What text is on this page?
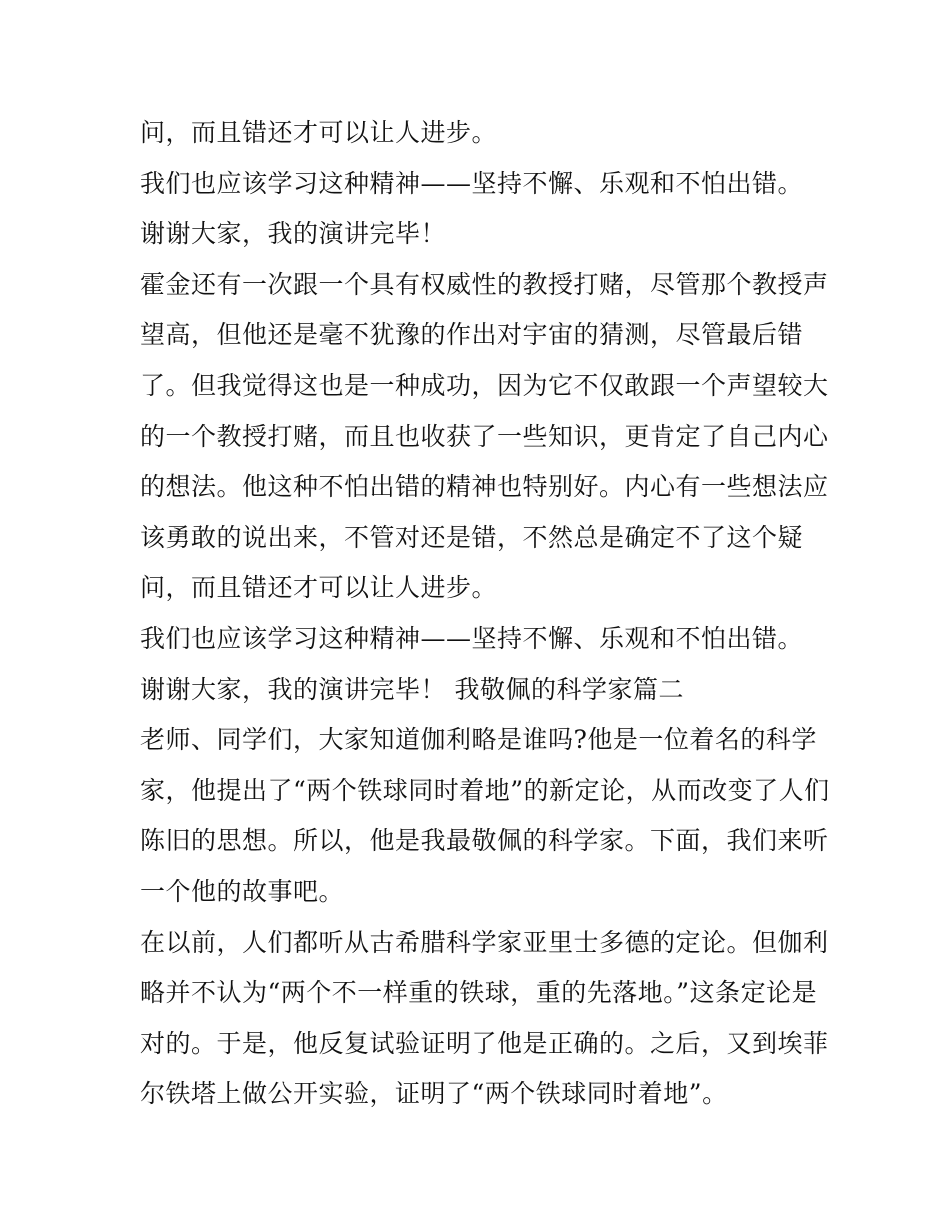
问，而且错还才可以让人进步。
我们也应该学习这种精神——坚持不懈、乐观和不怕出错。
谢谢大家，我的演讲完毕！
霍金还有一次跟一个具有权威性的教授打赌，尽管那个教授声
望高，但他还是毫不犹豫的作出对宇宙的猜测，尽管最后错
了。但我觉得这也是一种成功，因为它不仅敢跟一个声望较大
的一个教授打赌，而且也收获了一些知识，更肯定了自己内心
的想法。他这种不怕出错的精神也特别好。内心有一些想法应
该勇敢的说出来，不管对还是错，不然总是确定不了这个疑
问，而且错还才可以让人进步。
我们也应该学习这种精神——坚持不懈、乐观和不怕出错。
谢谢大家，我的演讲完毕！ 我敬佩的科学家篇二
老师、同学们，大家知道伽利略是谁吗?他是一位着名的科学
家，他提出了“两个铁球同时着地”的新定论，从而改变了人们
陈旧的思想。所以，他是我最敬佩的科学家。下面，我们来听
一个他的故事吧。
在以前，人们都听从古希腊科学家亚里士多德的定论。但伽利
略并不认为“两个不一样重的铁球，重的先落地。”这条定论是
对的。于是，他反复试验证明了他是正确的。之后，又到埃菲
尔铁塔上做公开实验，证明了“两个铁球同时着地”。
